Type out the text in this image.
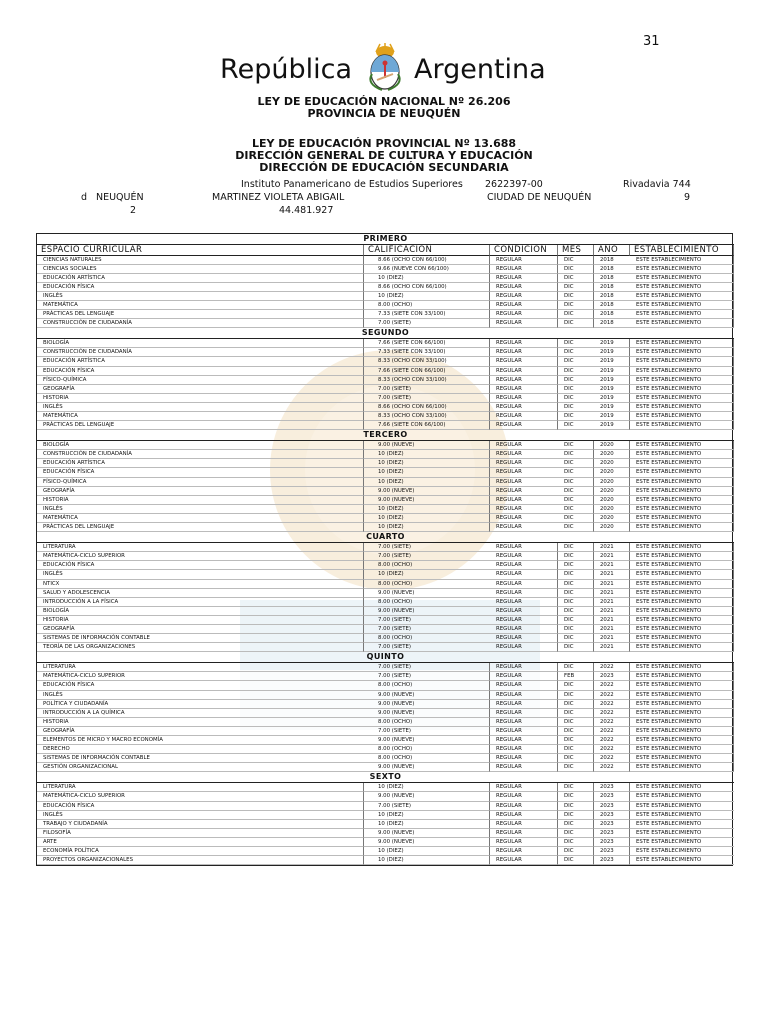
31
República Argentina
LEY DE EDUCACIÓN NACIONAL Nº 26.206
PROVINCIA DE NEUQUÉN
LEY DE EDUCACIÓN PROVINCIAL Nº 13.688
DIRECCIÓN GENERAL DE CULTURA Y EDUCACIÓN
DIRECCIÓN DE EDUCACIÓN SECUNDARIA
Instituto Panamericano de Estudios Superiores 2622397-00	Rivadavia 744
d NEUQUÉN	MARTINEZ VIOLETA ABIGAIL	CIUDAD DE NEUQUÉN	9
2	44.481.927
PRIMERO
ESPACIO CURRICULAR	CALIFICACIÓN	CONDICIÓN	MES	AÑO	ESTABLECIMIENTO
CIENCIAS NATURALES	8.66 (OCHO CON 66/100)	REGULAR	DIC	2018	ESTE ESTABLECIMIENTO
CIENCIAS SOCIALES	9.66 (NUEVE CON 66/100)	REGULAR	DIC	2018	ESTE ESTABLECIMIENTO
EDUCACIÓN ARTÍSTICA	10 (DIEZ)	REGULAR	DIC	2018	ESTE ESTABLECIMIENTO
EDUCACIÓN FÍSICA	8.66 (OCHO CON 66/100)	REGULAR	DIC	2018	ESTE ESTABLECIMIENTO
INGLÉS	10 (DIEZ)	REGULAR	DIC	2018	ESTE ESTABLECIMIENTO
MATEMÁTICA	8.00 (OCHO)	REGULAR	DIC	2018	ESTE ESTABLECIMIENTO
PRÁCTICAS DEL LENGUAJE	7.33 (SIETE CON 33/100)	REGULAR	DIC	2018	ESTE ESTABLECIMIENTO
CONSTRUCCIÓN DE CIUDADANÍA	7.00 (SIETE)	REGULAR	DIC	2018	ESTE ESTABLECIMIENTO
SEGUNDO
BIOLOGÍA	7.66 (SIETE CON 66/100)	REGULAR	DIC	2019	ESTE ESTABLECIMIENTO
CONSTRUCCIÓN DE CIUDADANÍA	7.33 (SIETE CON 33/100)	REGULAR	DIC	2019	ESTE ESTABLECIMIENTO
EDUCACIÓN ARTÍSTICA	8.33 (OCHO CON 33/100)	REGULAR	DIC	2019	ESTE ESTABLECIMIENTO
EDUCACIÓN FÍSICA	7.66 (SIETE CON 66/100)	REGULAR	DIC	2019	ESTE ESTABLECIMIENTO
FÍSICO-QUÍMICA	8.33 (OCHO CON 33/100)	REGULAR	DIC	2019	ESTE ESTABLECIMIENTO
GEOGRAFÍA	7.00 (SIETE)	REGULAR	DIC	2019	ESTE ESTABLECIMIENTO
HISTORIA	7.00 (SIETE)	REGULAR	DIC	2019	ESTE ESTABLECIMIENTO
INGLÉS	8.66 (OCHO CON 66/100)	REGULAR	DIC	2019	ESTE ESTABLECIMIENTO
MATEMÁTICA	8.33 (OCHO CON 33/100)	REGULAR	DIC	2019	ESTE ESTABLECIMIENTO
PRÁCTICAS DEL LENGUAJE	7.66 (SIETE CON 66/100)	REGULAR	DIC	2019	ESTE ESTABLECIMIENTO
TERCERO
BIOLOGÍA	9.00 (NUEVE)	REGULAR	DIC	2020	ESTE ESTABLECIMIENTO
CONSTRUCCIÓN DE CIUDADANÍA	10 (DIEZ)	REGULAR	DIC	2020	ESTE ESTABLECIMIENTO
EDUCACIÓN ARTÍSTICA	10 (DIEZ)	REGULAR	DIC	2020	ESTE ESTABLECIMIENTO
EDUCACIÓN FÍSICA	10 (DIEZ)	REGULAR	DIC	2020	ESTE ESTABLECIMIENTO
FÍSICO-QUÍMICA	10 (DIEZ)	REGULAR	DIC	2020	ESTE ESTABLECIMIENTO
GEOGRAFÍA	9.00 (NUEVE)	REGULAR	DIC	2020	ESTE ESTABLECIMIENTO
HISTORIA	9.00 (NUEVE)	REGULAR	DIC	2020	ESTE ESTABLECIMIENTO
INGLÉS	10 (DIEZ)	REGULAR	DIC	2020	ESTE ESTABLECIMIENTO
MATEMÁTICA	10 (DIEZ)	REGULAR	DIC	2020	ESTE ESTABLECIMIENTO
PRÁCTICAS DEL LENGUAJE	10 (DIEZ)	REGULAR	DIC	2020	ESTE ESTABLECIMIENTO
CUARTO
LITERATURA	7.00 (SIETE)	REGULAR	DIC	2021	ESTE ESTABLECIMIENTO
MATEMÁTICA-CICLO SUPERIOR	7.00 (SIETE)	REGULAR	DIC	2021	ESTE ESTABLECIMIENTO
EDUCACIÓN FÍSICA	8.00 (OCHO)	REGULAR	DIC	2021	ESTE ESTABLECIMIENTO
INGLÉS	10 (DIEZ)	REGULAR	DIC	2021	ESTE ESTABLECIMIENTO
NTICX	8.00 (OCHO)	REGULAR	DIC	2021	ESTE ESTABLECIMIENTO
SALUD Y ADOLESCENCIA	9.00 (NUEVE)	REGULAR	DIC	2021	ESTE ESTABLECIMIENTO
INTRODUCCIÓN A LA FÍSICA	8.00 (OCHO)	REGULAR	DIC	2021	ESTE ESTABLECIMIENTO
BIOLOGÍA	9.00 (NUEVE)	REGULAR	DIC	2021	ESTE ESTABLECIMIENTO
HISTORIA	7.00 (SIETE)	REGULAR	DIC	2021	ESTE ESTABLECIMIENTO
GEOGRAFÍA	7.00 (SIETE)	REGULAR	DIC	2021	ESTE ESTABLECIMIENTO
SISTEMAS DE INFORMACIÓN CONTABLE	8.00 (OCHO)	REGULAR	DIC	2021	ESTE ESTABLECIMIENTO
TEORÍA DE LAS ORGANIZACIONES	7.00 (SIETE)	REGULAR	DIC	2021	ESTE ESTABLECIMIENTO
QUINTO
LITERATURA	7.00 (SIETE)	REGULAR	DIC	2022	ESTE ESTABLECIMIENTO
MATEMÁTICA-CICLO SUPERIOR	7.00 (SIETE)	REGULAR	FEB	2023	ESTE ESTABLECIMIENTO
EDUCACIÓN FÍSICA	8.00 (OCHO)	REGULAR	DIC	2022	ESTE ESTABLECIMIENTO
INGLÉS	9.00 (NUEVE)	REGULAR	DIC	2022	ESTE ESTABLECIMIENTO
POLÍTICA Y CIUDADANÍA	9.00 (NUEVE)	REGULAR	DIC	2022	ESTE ESTABLECIMIENTO
INTRODUCCIÓN A LA QUÍMICA	9.00 (NUEVE)	REGULAR	DIC	2022	ESTE ESTABLECIMIENTO
HISTORIA	8.00 (OCHO)	REGULAR	DIC	2022	ESTE ESTABLECIMIENTO
GEOGRAFÍA	7.00 (SIETE)	REGULAR	DIC	2022	ESTE ESTABLECIMIENTO
ELEMENTOS DE MICRO Y MACRO ECONOMÍA	9.00 (NUEVE)	REGULAR	DIC	2022	ESTE ESTABLECIMIENTO
DERECHO	8.00 (OCHO)	REGULAR	DIC	2022	ESTE ESTABLECIMIENTO
SISTEMAS DE INFORMACIÓN CONTABLE	8.00 (OCHO)	REGULAR	DIC	2022	ESTE ESTABLECIMIENTO
GESTIÓN ORGANIZACIONAL	9.00 (NUEVE)	REGULAR	DIC	2022	ESTE ESTABLECIMIENTO
SEXTO
LITERATURA	10 (DIEZ)	REGULAR	DIC	2023	ESTE ESTABLECIMIENTO
MATEMÁTICA-CICLO SUPERIOR	9.00 (NUEVE)	REGULAR	DIC	2023	ESTE ESTABLECIMIENTO
EDUCACIÓN FÍSICA	7.00 (SIETE)	REGULAR	DIC	2023	ESTE ESTABLECIMIENTO
INGLÉS	10 (DIEZ)	REGULAR	DIC	2023	ESTE ESTABLECIMIENTO
TRABAJO Y CIUDADANÍA	10 (DIEZ)	REGULAR	DIC	2023	ESTE ESTABLECIMIENTO
FILOSOFÍA	9.00 (NUEVE)	REGULAR	DIC	2023	ESTE ESTABLECIMIENTO
ARTE	9.00 (NUEVE)	REGULAR	DIC	2023	ESTE ESTABLECIMIENTO
ECONOMÍA POLÍTICA	10 (DIEZ)	REGULAR	DIC	2023	ESTE ESTABLECIMIENTO
PROYECTOS ORGANIZACIONALES	10 (DIEZ)	REGULAR	DIC	2023	ESTE ESTABLECIMIENTO
